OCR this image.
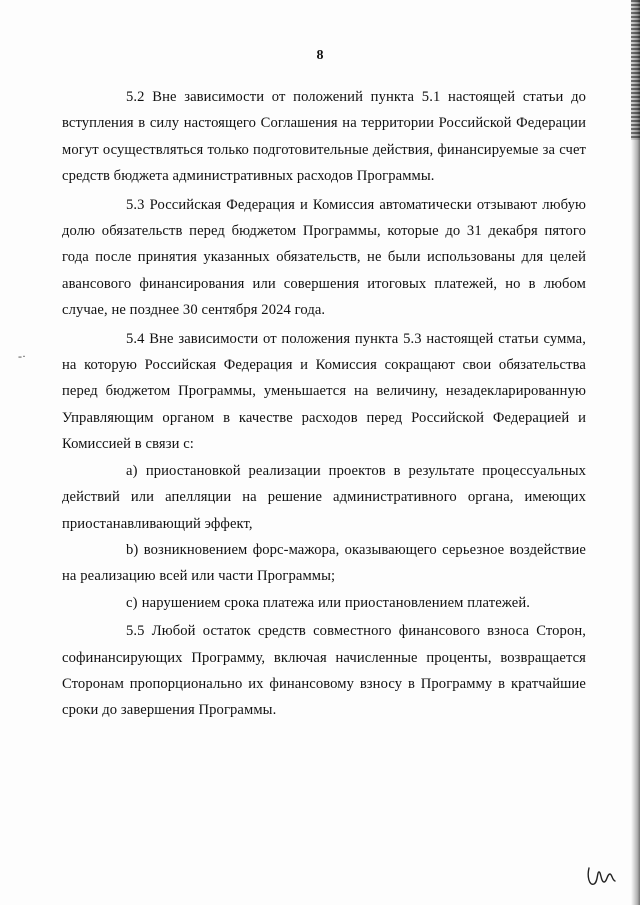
8
-·

5.2 Вне зависимости от положений пункта 5.1 настоящей статьи до вступления в силу настоящего Соглашения на территории Российской Федерации могут осуществляться только подготовительные действия, финансируемые за счет средств бюджета административных расходов Программы.

5.3 Российская Федерация и Комиссия автоматически отзывают любую долю обязательств перед бюджетом Программы, которые до 31 декабря пятого года после принятия указанных обязательств, не были использованы для целей авансового финансирования или совершения итоговых платежей, но в любом случае, не позднее 30 сентября 2024 года.

5.4 Вне зависимости от положения пункта 5.3 настоящей статьи сумма, на которую Российская Федерация и Комиссия сокращают свои обязательства перед бюджетом Программы, уменьшается на величину, незадекларированную Управляющим органом в качестве расходов перед Российской Федерацией и Комиссией в связи с:

a) приостановкой реализации проектов в результате процессуальных действий или апелляции на решение административного органа, имеющих приостанавливающий эффект,

b) возникновением форс-мажора, оказывающего серьезное воздействие на реализацию всей или части Программы;

c) нарушением срока платежа или приостановлением платежей.

5.5 Любой остаток средств совместного финансового взноса Сторон, софинансирующих Программу, включая начисленные проценты, возвращается Сторонам пропорционально их финансовому взносу в Программу в кратчайшие сроки до завершения Программы.
